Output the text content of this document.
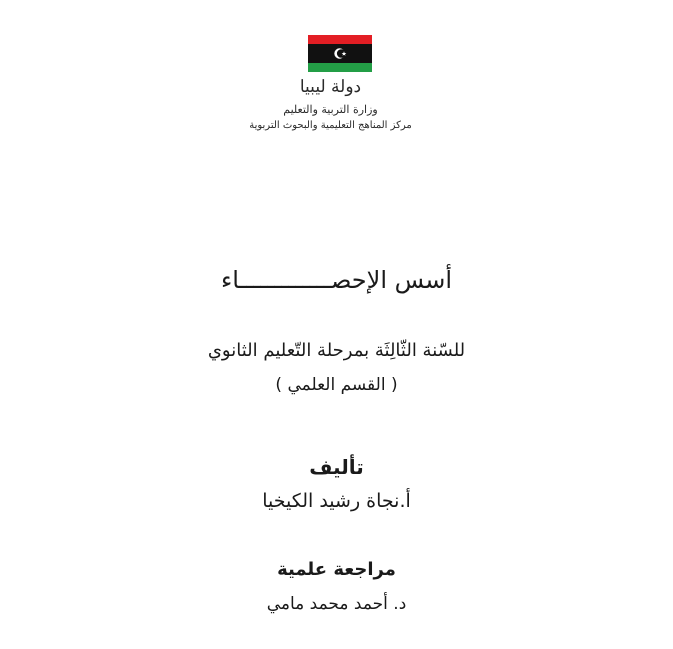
دولة ليبيا
وزارة التربية والتعليم
مركز المناهج التعليمية والبحوث التربوية
أسس الإحصـــــــــــــاء
للسّنة الثّالِثَة بمرحلة التّعليم الثانوي
( القسم العلمي )
تأليف
أ.نجاة رشيد الكيخيا
مراجعة علمية
د. أحمد محمد مامي
